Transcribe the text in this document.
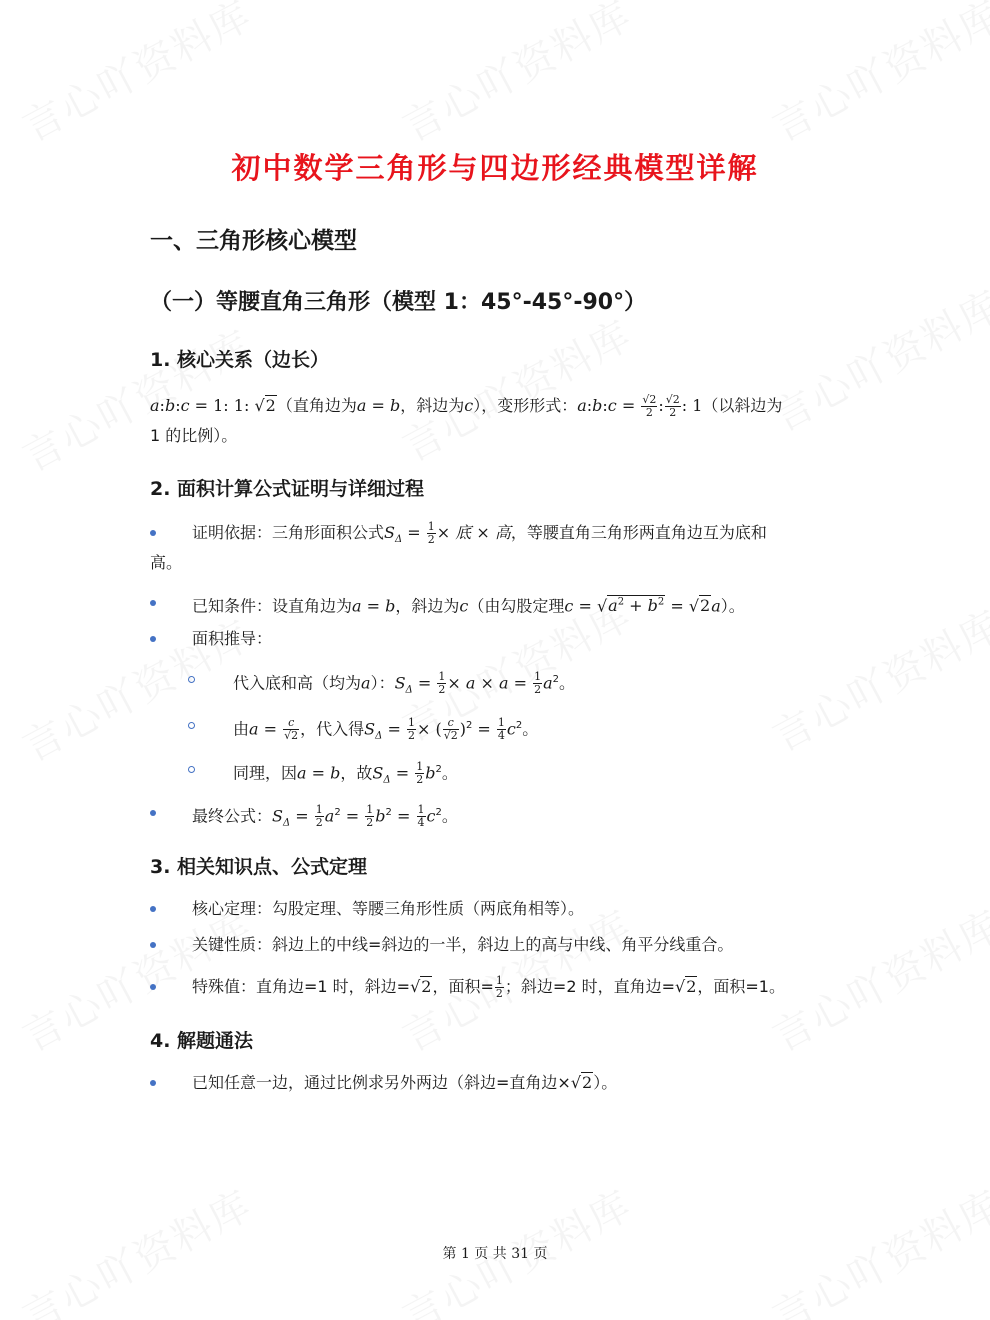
初中数学三角形与四边形经典模型详解
一、三角形核心模型
（一）等腰直角三角形（模型 1：45°-45°-90°）
1. 核心关系（边长）
a:b:c = 1: 1: √2（直角边为a = b，斜边为c），变形形式：a:b:c = $\frac{√2}{2}$ : $\frac{√2}{2}$ : 1（以斜边为
1 的比例）。
2. 面积计算公式证明与详细过程
证明依据：三角形面积公式$S_\Delta = \frac{1}{2}$ × 底 × 高，等腰直角三角形两直角边互为底和
高。
已知条件：设直角边为a = b，斜边为c（由勾股定理$c = √a^2 + b^2 = √2a$）。
面积推导：
代入底和高（均为a）：$S_\Delta = \frac{1}{2} \times a \times a = \frac{1}{2} a^2$。
由$a = \frac{c}{√2}$ ，代入得$S_\Delta = \frac{1}{2}$ × ( $\frac{c}{√2} )^2 = \frac{1}{4} c^2$。
同理，因a = b，故$S_\Delta = \frac{1}{2} b^2$。
最终公式：$S_\Delta = \frac{1}{2} a^2 = \frac{1}{2} b^2 = \frac{1}{4} c^2$。
3. 相关知识点、公式定理
核心定理：勾股定理、等腰三角形性质（两底角相等）。
关键性质：斜边上的中线=斜边的一半，斜边上的高与中线、角平分线重合。
特殊值：直角边=1 时，斜边=√2，面积= $\frac{1}{2}$ ；斜边=2 时，直角边=√2，面积=1。
4. 解题通法
已知任意一边，通过比例求另外两边（斜边=直角边×√2）。
第 1 页 共 31 页
